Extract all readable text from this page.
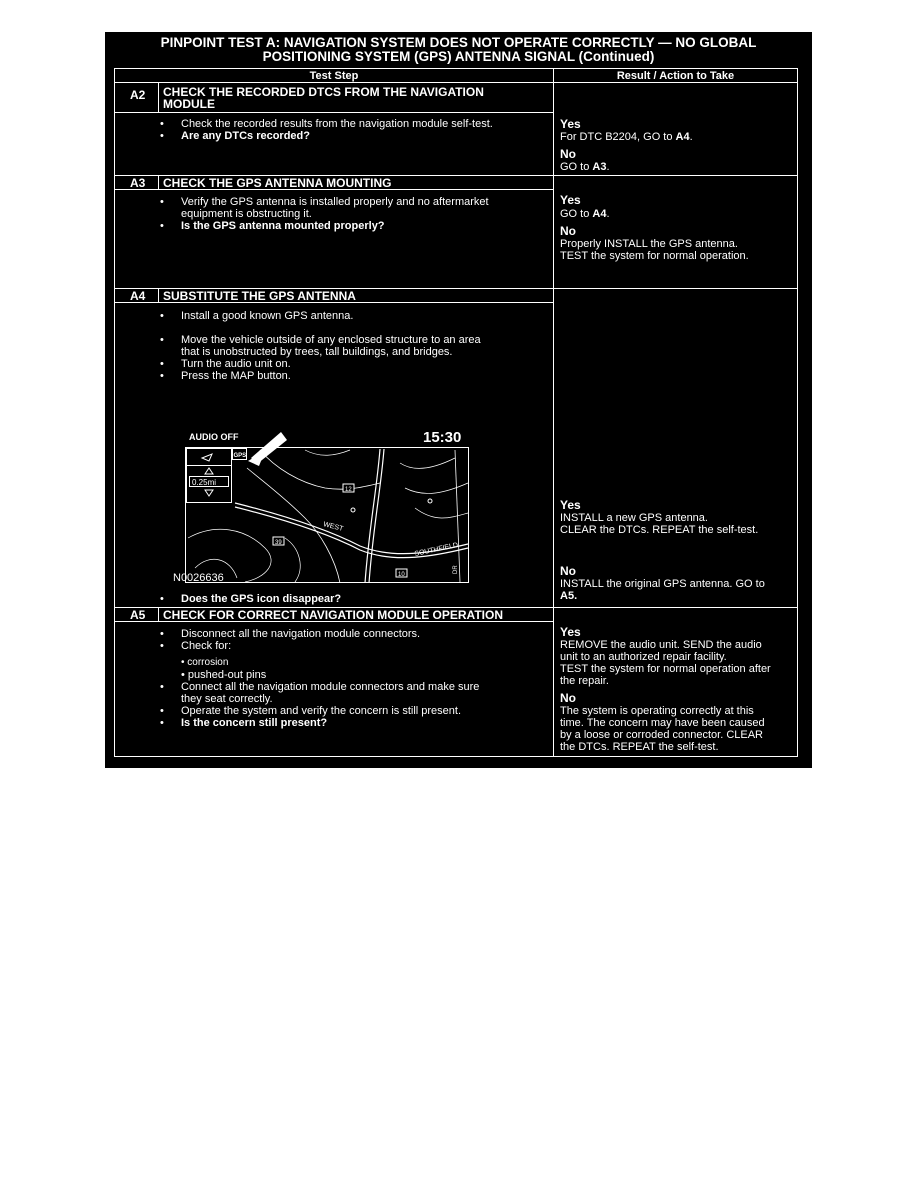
PINPOINT TEST A: NAVIGATION SYSTEM DOES NOT OPERATE CORRECTLY — NO GLOBAL
POSITIONING SYSTEM (GPS) ANTENNA SIGNAL (Continued)
Test Step	Result / Action to Take
A2 CHECK THE RECORDED DTCS FROM THE NAVIGATION
MODULE
• Check the recorded results from the navigation module self-test.
• Are any DTCs recorded?
Yes
For DTC B2204, GO to A4.
No
GO to A3.
A3 CHECK THE GPS ANTENNA MOUNTING
• Verify the GPS antenna is installed properly and no aftermarket
equipment is obstructing it.
• Is the GPS antenna mounted properly?
Yes
GO to A4.
No
Properly INSTALL the GPS antenna.
TEST the system for normal operation.
A4 SUBSTITUTE THE GPS ANTENNA
• Install a good known GPS antenna.
• Move the vehicle outside of any enclosed structure to an area
that is unobstructed by trees, tall buildings, and bridges.
• Turn the audio unit on.
• Press the MAP button.
AUDIO OFF	15:30
0.25mi
GPS
12
39
10
WEST
SOUTHFIELD
DR
N0026636
• Does the GPS icon disappear?
Yes
INSTALL a new GPS antenna.
CLEAR the DTCs. REPEAT the self-test.
No
INSTALL the original GPS antenna. GO to
A5.
A5 CHECK FOR CORRECT NAVIGATION MODULE OPERATION
• Disconnect all the navigation module connectors.
• Check for:
• corrosion
• pushed-out pins
• Connect all the navigation module connectors and make sure
they seat correctly.
• Operate the system and verify the concern is still present.
• Is the concern still present?
Yes
REMOVE the audio unit. SEND the audio
unit to an authorized repair facility.
TEST the system for normal operation after
the repair.
No
The system is operating correctly at this
time. The concern may have been caused
by a loose or corroded connector. CLEAR
the DTCs. REPEAT the self-test.
